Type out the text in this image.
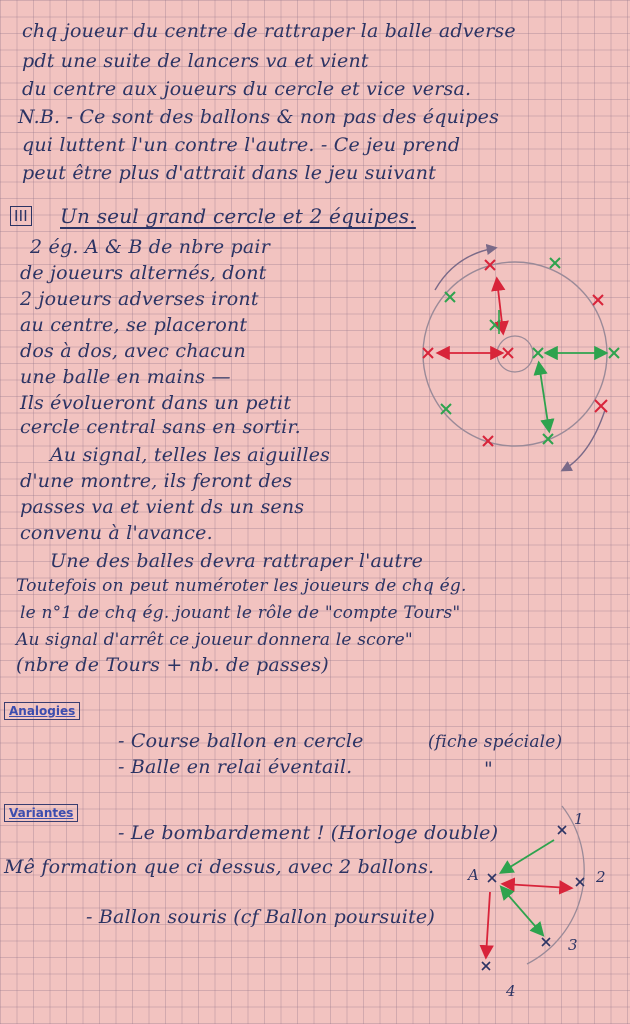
chq joueur du centre de rattraper la balle adverse
pdt une suite de lancers va et vient
du centre aux joueurs du cercle et vice versa.
N.B. - Ce sont des ballons & non pas des équipes
qui luttent l'un contre l'autre. - Ce jeu prend
peut être plus d'attrait dans le jeu suivant
III Un seul grand cercle et 2 équipes.
2 ég. A & B de nbre pair
de joueurs alternés, dont
2 joueurs adverses iront
au centre, se placeront
dos à dos, avec chacun
une balle en mains —
Ils évolueront dans un petit
cercle central sans en sortir.
Au signal, telles les aiguilles
d'une montre, ils feront des
passes va et vient ds un sens
convenu à l'avance.
Une des balles devra rattraper l'autre
Toutefois on peut numéroter les joueurs de chq ég.
le n°1 de chq ég. jouant le rôle de "compte Tours"
Au signal d'arrêt ce joueur donnera le score"
(nbre de Tours + nb. de passes)
Analogies
- Course ballon en cercle	(fiche spéciale)
- Balle en relai éventail.	"
Variantes
- Le bombardement ! (Horloge double)
Mê formation que ci dessus, avec 2 ballons.
- Ballon souris (cf Ballon poursuite)
A
1
2
3
4
